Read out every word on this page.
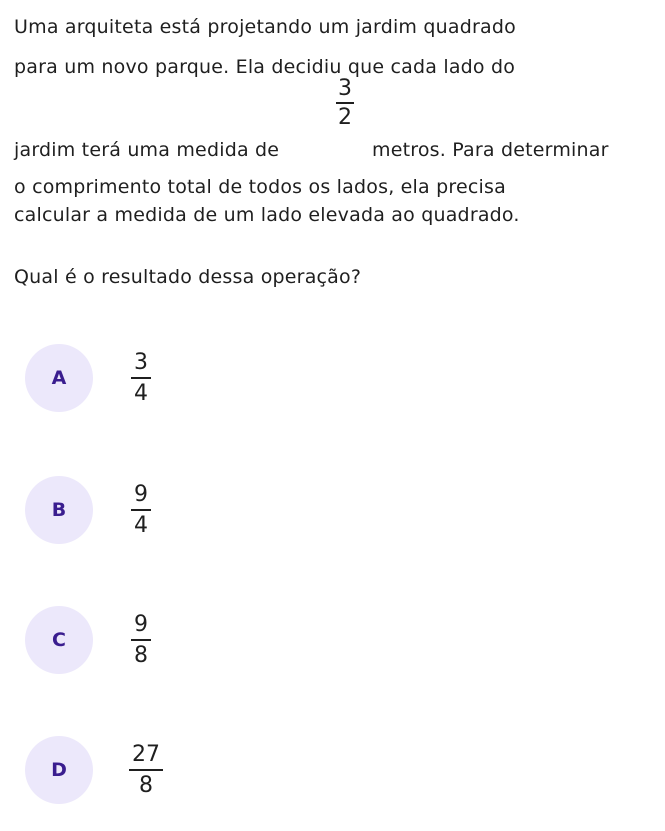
Uma arquiteta está projetando um jardim quadrado
para um novo parque. Ela decidiu que cada lado do
jardim terá uma medida de
3
2
metros. Para determinar
o comprimento total de todos os lados, ela precisa
calcular a medida de um lado elevada ao quadrado.
Qual é o resultado dessa operação?
A	$\frac{3}{4}$
B	$\frac{9}{4}$
C	$\frac{9}{8}$
D	$\frac{27}{8}$
